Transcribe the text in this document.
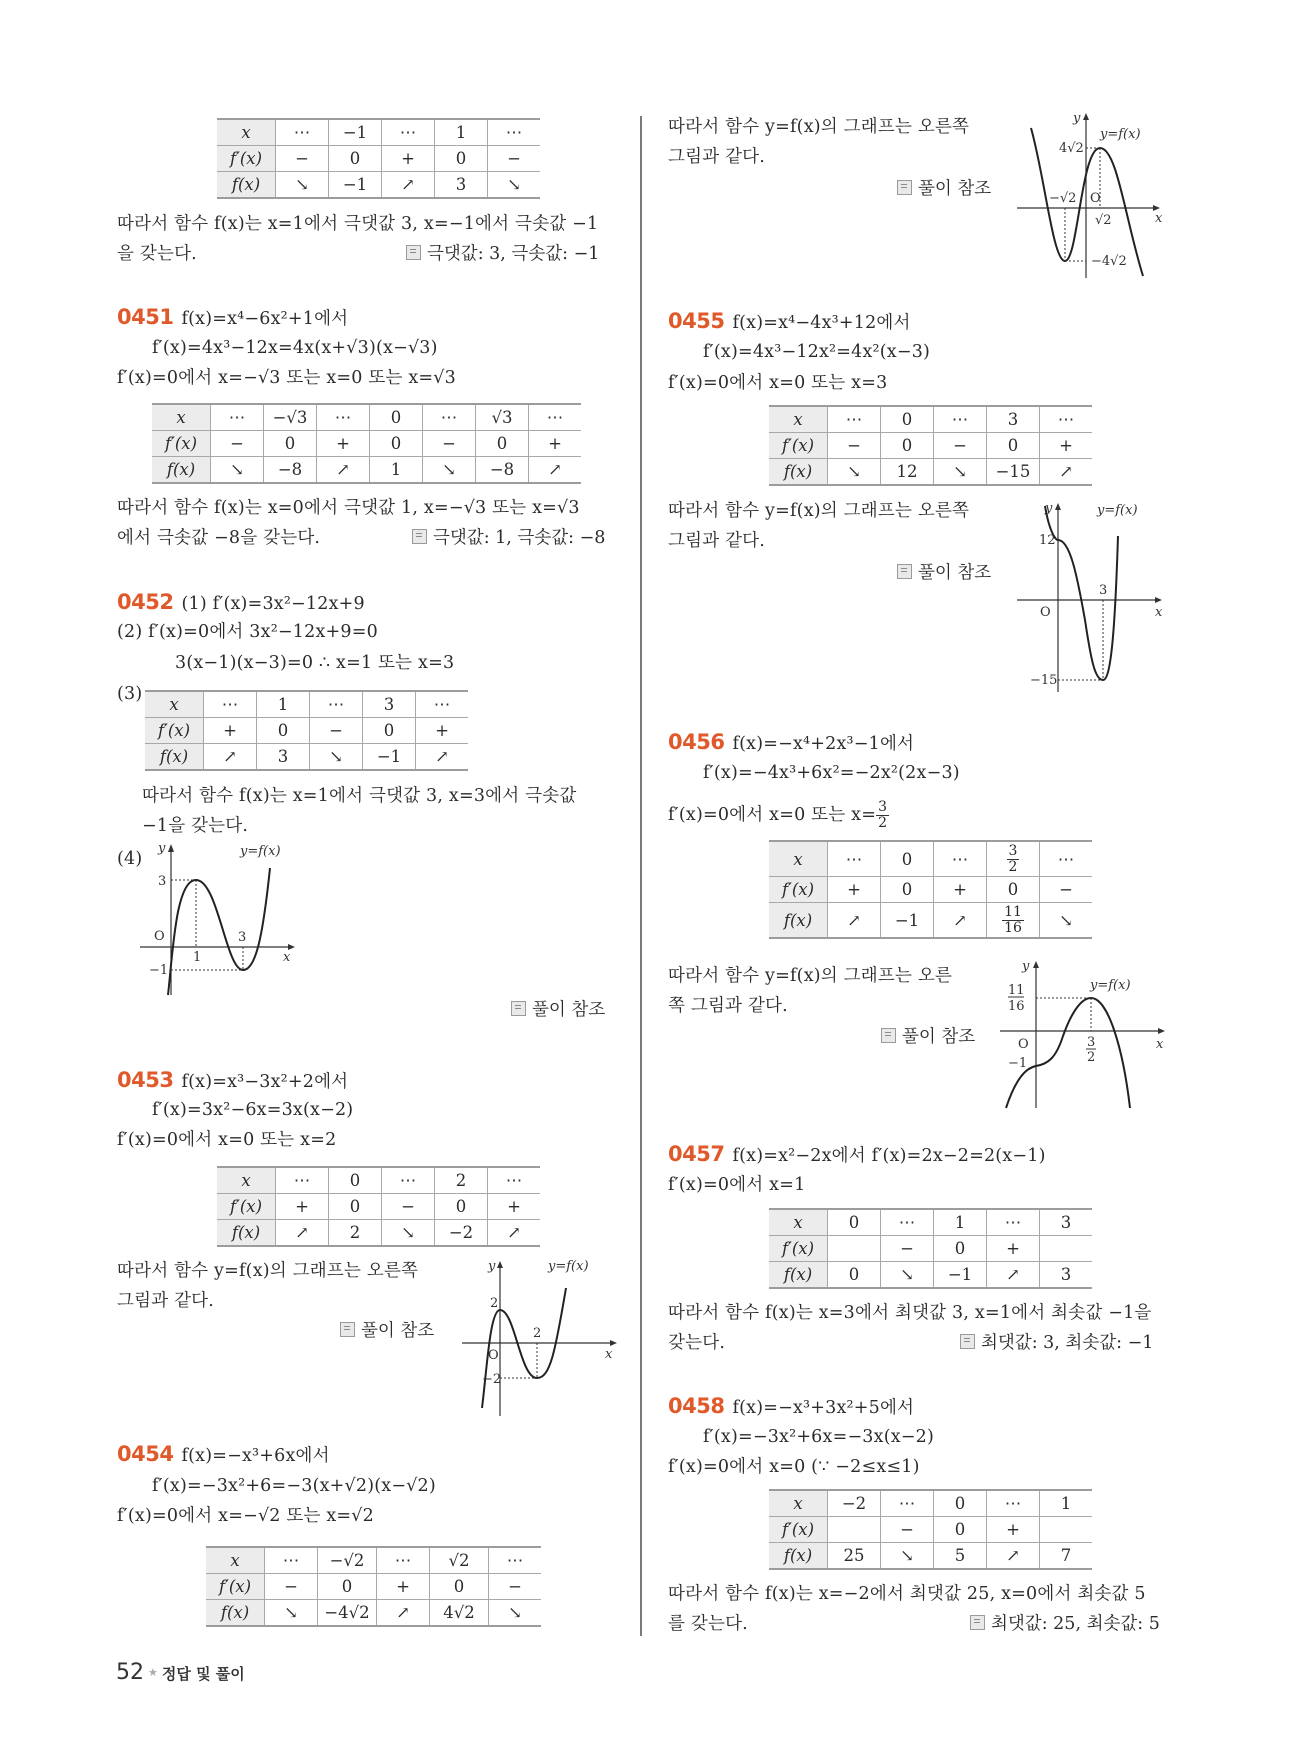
x	⋯	−1	⋯	1	⋯
f′(x)	−	0	+	0	−
f(x)	↘	−1	↗	3	↘
따라서 함수 f(x)는 x=1에서 극댓값 3, x=−1에서 극솟값 −1
을 갖는다.	극댓값: 3, 극솟값: −1
0451 f(x)=x⁴−6x²+1에서
f′(x)=4x³−12x=4x(x+√3)(x−√3)
f′(x)=0에서 x=−√3 또는 x=0 또는 x=√3
x	⋯	−√3	⋯	0	⋯	√3	⋯
f′(x)	−	0	+	0	−	0	+
f(x)	↘	−8	↗	1	↘	−8	↗
따라서 함수 f(x)는 x=0에서 극댓값 1, x=−√3 또는 x=√3
에서 극솟값 −8을 갖는다.	극댓값: 1, 극솟값: −8
0452 (1) f′(x)=3x²−12x+9
(2) f′(x)=0에서 3x²−12x+9=0
3(x−1)(x−3)=0 ∴ x=1 또는 x=3
(3)
x	⋯	1	⋯	3	⋯
f′(x)	+	0	−	0	+
f(x)	↗	3	↘	−1	↗
따라서 함수 f(x)는 x=1에서 극댓값 3, x=3에서 극솟값
−1을 갖는다.
(4)
y	y=f(x)
3
O
1
3
−1
x
풀이 참조
0453 f(x)=x³−3x²+2에서
f′(x)=3x²−6x=3x(x−2)
f′(x)=0에서 x=0 또는 x=2
x	⋯	0	⋯	2	⋯
f′(x)	+	0	−	0	+
f(x)	↗	2	↘	−2	↗
따라서 함수 y=f(x)의 그래프는 오른쪽
그림과 같다.
풀이 참조
y	y=f(x)
2
O
2
−2
x
0454 f(x)=−x³+6x에서
f′(x)=−3x²+6=−3(x+√2)(x−√2)
f′(x)=0에서 x=−√2 또는 x=√2
x	⋯	−√2	⋯	√2	⋯
f′(x)	−	0	+	0	−
f(x)	↘	−4√2	↗	4√2	↘
52 ★ 정답 및 풀이
따라서 함수 y=f(x)의 그래프는 오른쪽
그림과 같다.
풀이 참조
y
y=f(x)
4√2
−√2 O
√2
−4√2
x
0455 f(x)=x⁴−4x³+12에서
f′(x)=4x³−12x²=4x²(x−3)
f′(x)=0에서 x=0 또는 x=3
x	⋯	0	⋯	3	⋯
f′(x)	−	0	−	0	+
f(x)	↘	12	↘	−15	↗
따라서 함수 y=f(x)의 그래프는 오른쪽
그림과 같다.
풀이 참조
y	y=f(x)
12
O
3
−15
x
0456 f(x)=−x⁴+2x³−1에서
f′(x)=−4x³+6x²=−2x²(2x−3)
f′(x)=0에서 x=0 또는 $x= \frac{3}{2}$
x	⋯	0	⋯	$\frac{3}{2}$	⋯
f′(x)	+	0	+	0	−
f(x)	↗	−1	↗	$\frac{11}{16}$	↘
따라서 함수 y=f(x)의 그래프는 오른
쪽 그림과 같다.
풀이 참조
y
y=f(x)
11
16
O	3
2
−1
x
0457 f(x)=x²−2x에서 f′(x)=2x−2=2(x−1)
f′(x)=0에서 x=1
x	0	⋯	1	⋯	3
f′(x)		−	0	+	
f(x)	0	↘	−1	↗	3
따라서 함수 f(x)는 x=3에서 최댓값 3, x=1에서 최솟값 −1을
갖는다.	최댓값: 3, 최솟값: −1
0458 f(x)=−x³+3x²+5에서
f′(x)=−3x²+6x=−3x(x−2)
f′(x)=0에서 x=0 (∵ −2≤x≤1)
x	−2	⋯	0	⋯	1
f′(x)		−	0	+	
f(x)	25	↘	5	↗	7
따라서 함수 f(x)는 x=−2에서 최댓값 25, x=0에서 최솟값 5
를 갖는다.	최댓값: 25, 최솟값: 5
